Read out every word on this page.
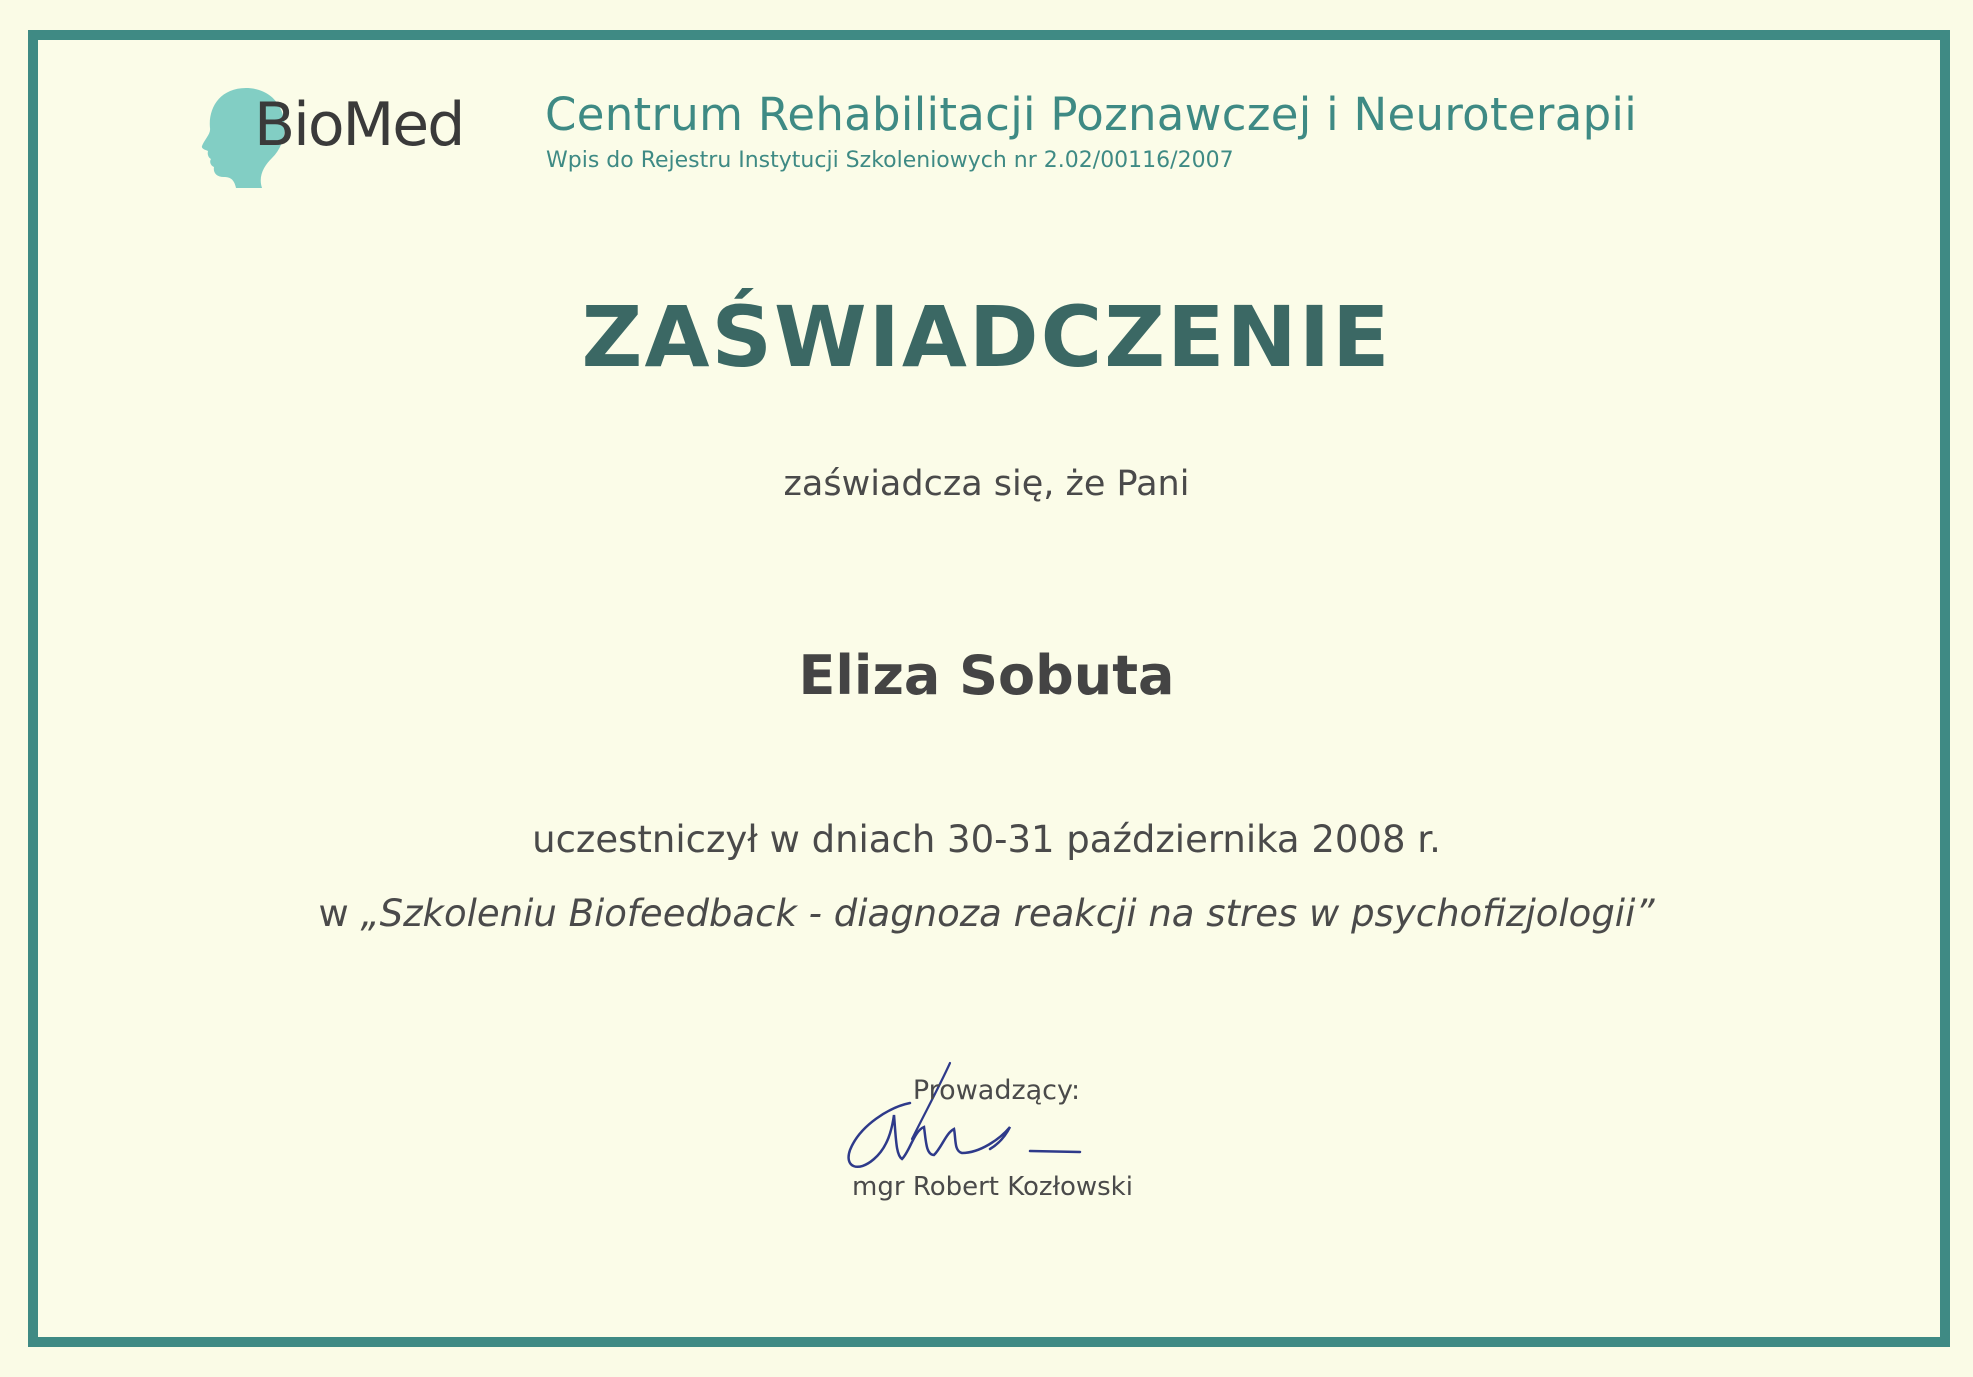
BioMed Centrum Rehabilitacji Poznawczej i Neuroterapii
Wpis do Rejestru Instytucji Szkoleniowych nr 2.02/00116/2007
ZAŚWIADCZENIE
zaświadcza się, że Pani
Eliza Sobuta
uczestniczył w dniach 30-31 października 2008 r.
w „Szkoleniu Biofeedback - diagnoza reakcji na stres w psychofizjologii”
Prowadzący:
mgr Robert Kozłowski
